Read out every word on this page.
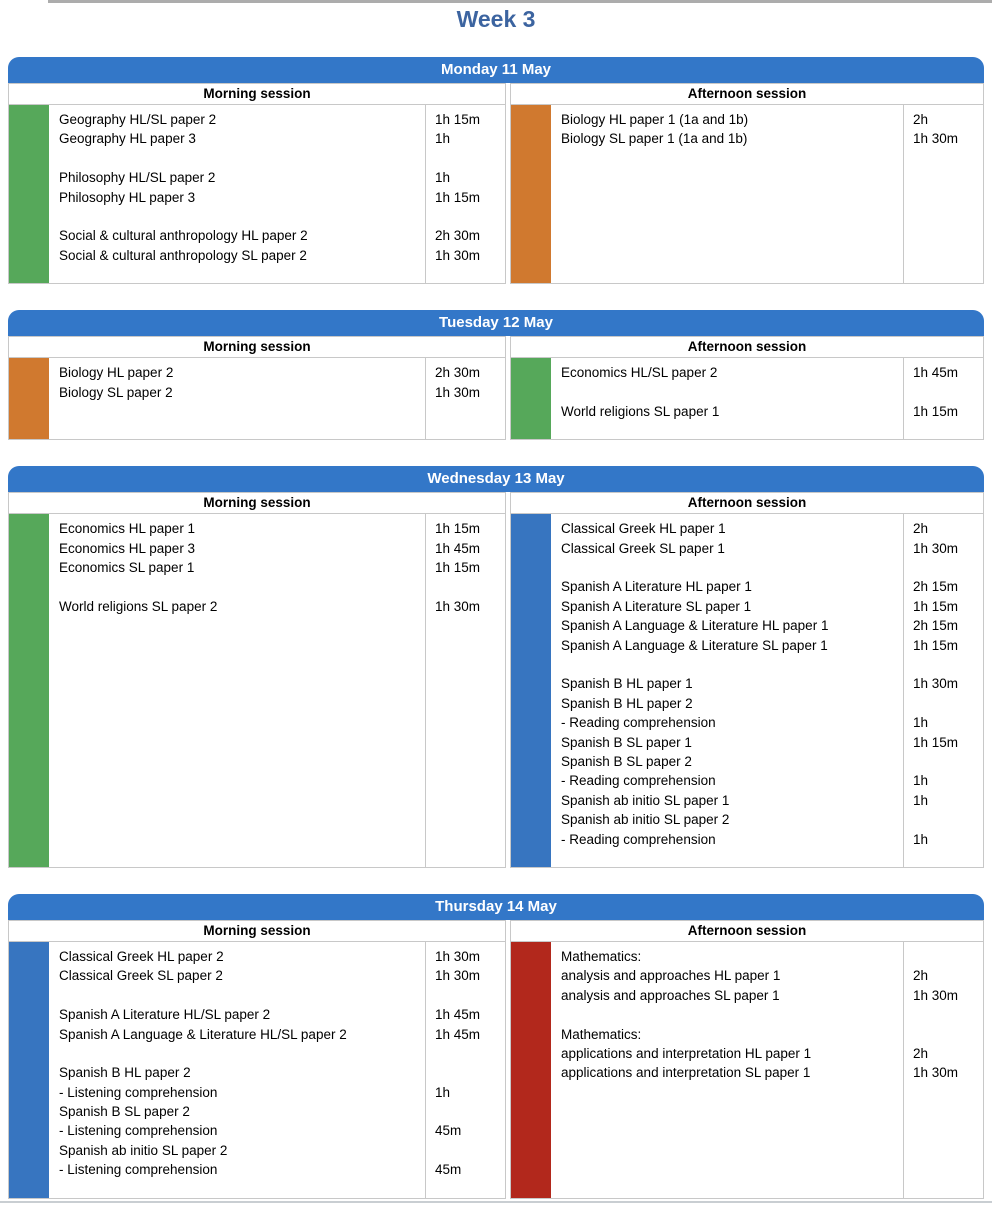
Week 3
Monday 11 May
Morning session
Geography HL/SL paper 2
Geography HL paper 3
Philosophy HL/SL paper 2
Philosophy HL paper 3
Social & cultural anthropology HL paper 2
Social & cultural anthropology SL paper 2
1h 15m
1h
1h
1h 15m
2h 30m
1h 30m
Afternoon session
Biology HL paper 1 (1a and 1b)
Biology SL paper 1 (1a and 1b)
2h
1h 30m
Tuesday 12 May
Morning session
Biology HL paper 2
Biology SL paper 2
2h 30m
1h 30m
Afternoon session
Economics HL/SL paper 2
World religions SL paper 1
1h 45m
1h 15m
Wednesday 13 May
Morning session
Economics HL paper 1
Economics HL paper 3
Economics SL paper 1
World religions SL paper 2
1h 15m
1h 45m
1h 15m
1h 30m
Afternoon session
Classical Greek HL paper 1
Classical Greek SL paper 1
Spanish A Literature HL paper 1
Spanish A Literature SL paper 1
Spanish A Language & Literature HL paper 1
Spanish A Language & Literature SL paper 1
Spanish B HL paper 1
Spanish B HL paper 2
- Reading comprehension
Spanish B SL paper 1
Spanish B SL paper 2
- Reading comprehension
Spanish ab initio SL paper 1
Spanish ab initio SL paper 2
- Reading comprehension
2h
1h 30m
2h 15m
1h 15m
2h 15m
1h 15m
1h 30m
1h
1h 15m
1h
1h
1h
Thursday 14 May
Morning session
Classical Greek HL paper 2
Classical Greek SL paper 2
Spanish A Literature HL/SL paper 2
Spanish A Language & Literature HL/SL paper 2
Spanish B HL paper 2
- Listening comprehension
Spanish B SL paper 2
- Listening comprehension
Spanish ab initio SL paper 2
- Listening comprehension
1h 30m
1h 30m
1h 45m
1h 45m
1h
45m
45m
Afternoon session
Mathematics:
analysis and approaches HL paper 1
analysis and approaches SL paper 1
Mathematics:
applications and interpretation HL paper 1
applications and interpretation SL paper 1
2h
1h 30m
2h
1h 30m
